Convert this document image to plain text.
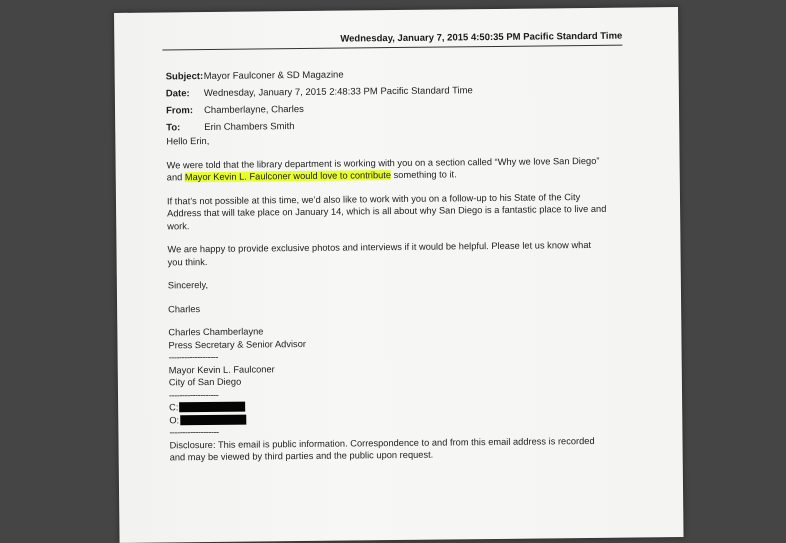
Wednesday, January 7, 2015 4:50:35 PM Pacific Standard Time
Subject: Mayor Faulconer & SD Magazine
Date:	Wednesday, January 7, 2015 2:48:33 PM Pacific Standard Time
From:	Chamberlayne, Charles
To:	Erin Chambers Smith

Hello Erin,

We were told that the library department is working with you on a section called “Why we love San Diego”
and Mayor Kevin L. Faulconer would love to contribute something to it.

If that’s not possible at this time, we’d also like to work with you on a follow-up to his State of the City Address that will take place on January 14, which is all about why San Diego is a fantastic place to live and work.

We are happy to provide exclusive photos and interviews if it would be helpful. Please let us know what you think.

Sincerely,

Charles

Charles Chamberlayne
Press Secretary & Senior Advisor
-------------------
Mayor Kevin L. Faulconer
City of San Diego
-------------------
C:
O:
-------------------

Disclosure: This email is public information. Correspondence to and from this email address is recorded and may be viewed by third parties and the public upon request.
